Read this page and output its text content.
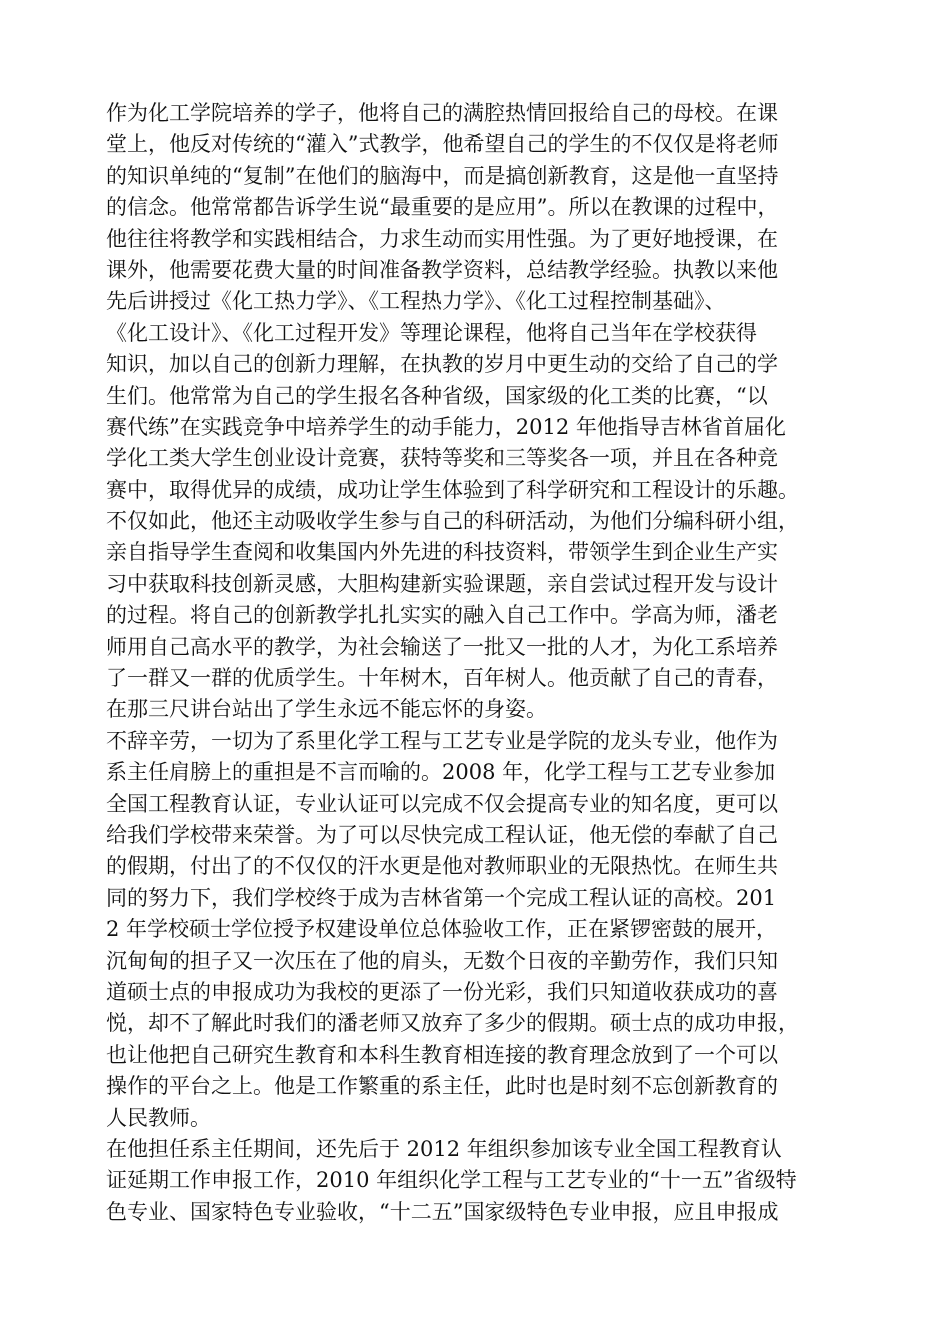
作为化工学院培养的学子，他将自己的满腔热情回报给自己的母校。在课
堂上，他反对传统的“灌入”式教学，他希望自己的学生的不仅仅是将老师
的知识单纯的“复制”在他们的脑海中，而是搞创新教育，这是他一直坚持
的信念。他常常都告诉学生说“最重要的是应用”。所以在教课的过程中，
他往往将教学和实践相结合，力求生动而实用性强。为了更好地授课，在
课外，他需要花费大量的时间准备教学资料，总结教学经验。执教以来他
先后讲授过《化工热力学》、《工程热力学》、《化工过程控制基础》、
《化工设计》、《化工过程开发》等理论课程，他将自己当年在学校获得
知识，加以自己的创新力理解，在执教的岁月中更生动的交给了自己的学
生们。他常常为自己的学生报名各种省级，国家级的化工类的比赛，“以
赛代练”在实践竞争中培养学生的动手能力，2012 年他指导吉林省首届化
学化工类大学生创业设计竞赛，获特等奖和三等奖各一项，并且在各种竞
赛中，取得优异的成绩，成功让学生体验到了科学研究和工程设计的乐趣。
不仅如此，他还主动吸收学生参与自己的科研活动，为他们分编科研小组，
亲自指导学生查阅和收集国内外先进的科技资料，带领学生到企业生产实
习中获取科技创新灵感，大胆构建新实验课题，亲自尝试过程开发与设计
的过程。将自己的创新教学扎扎实实的融入自己工作中。学高为师，潘老
师用自己高水平的教学，为社会输送了一批又一批的人才，为化工系培养
了一群又一群的优质学生。十年树木，百年树人。他贡献了自己的青春，
在那三尺讲台站出了学生永远不能忘怀的身姿。
不辞辛劳，一切为了系里化学工程与工艺专业是学院的龙头专业，他作为
系主任肩膀上的重担是不言而喻的。2008 年，化学工程与工艺专业参加
全国工程教育认证，专业认证可以完成不仅会提高专业的知名度，更可以
给我们学校带来荣誉。为了可以尽快完成工程认证，他无偿的奉献了自己
的假期，付出了的不仅仅的汗水更是他对教师职业的无限热忱。在师生共
同的努力下，我们学校终于成为吉林省第一个完成工程认证的高校。201
2 年学校硕士学位授予权建设单位总体验收工作，正在紧锣密鼓的展开，
沉甸甸的担子又一次压在了他的肩头，无数个日夜的辛勤劳作，我们只知
道硕士点的申报成功为我校的更添了一份光彩，我们只知道收获成功的喜
悦，却不了解此时我们的潘老师又放弃了多少的假期。硕士点的成功申报，
也让他把自己研究生教育和本科生教育相连接的教育理念放到了一个可以
操作的平台之上。他是工作繁重的系主任，此时也是时刻不忘创新教育的
人民教师。
在他担任系主任期间，还先后于 2012 年组织参加该专业全国工程教育认
证延期工作申报工作，2010 年组织化学工程与工艺专业的“十一五”省级特
色专业、国家特色专业验收，“十二五”国家级特色专业申报，应且申报成
